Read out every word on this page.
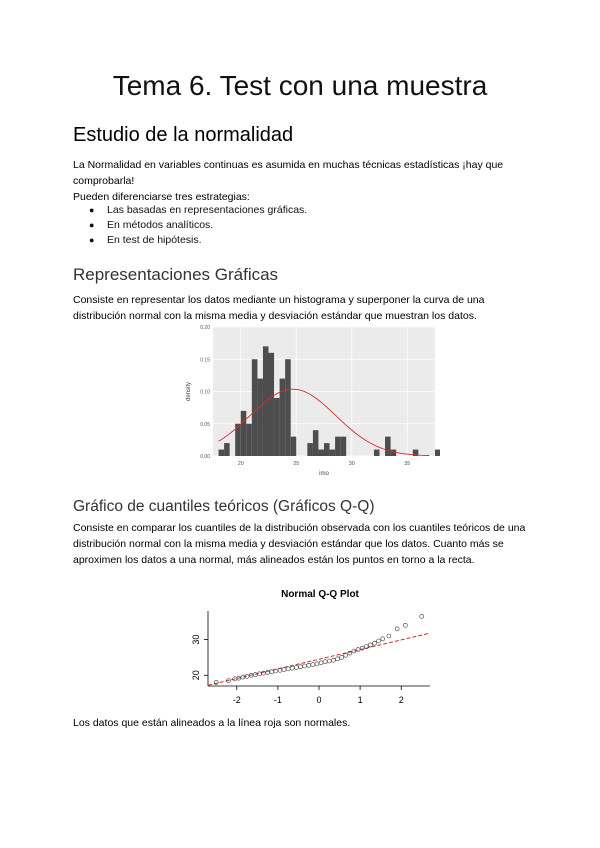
Tema 6. Test con una muestra
Estudio de la normalidad
La Normalidad en variables continuas es asumida en muchas técnicas estadísticas ¡hay que comprobarla!
Pueden diferenciarse tres estrategias:
● Las basadas en representaciones gráficas.
● En métodos analíticos.
● En test de hipótesis.
Representaciones Gráficas
Consiste en representar los datos mediante un histograma y superponer la curva de una distribución normal con la misma media y desviación estándar que muestran los datos.
0.00
0.05
0.10
0.15
0.20
20	25	30	35
imo
density
Gráfico de cuantiles teóricos (Gráficos Q-Q)
Consiste en comparar los cuantiles de la distribución observada con los cuantiles teóricos de una distribución normal con la misma media y desviación estándar que los datos. Cuanto más se aproximen los datos a una normal, más alineados están los puntos en torno a la recta.
Normal Q-Q Plot
-2	-1	0	1	2
20
30
Los datos que están alineados a la línea roja son normales.
